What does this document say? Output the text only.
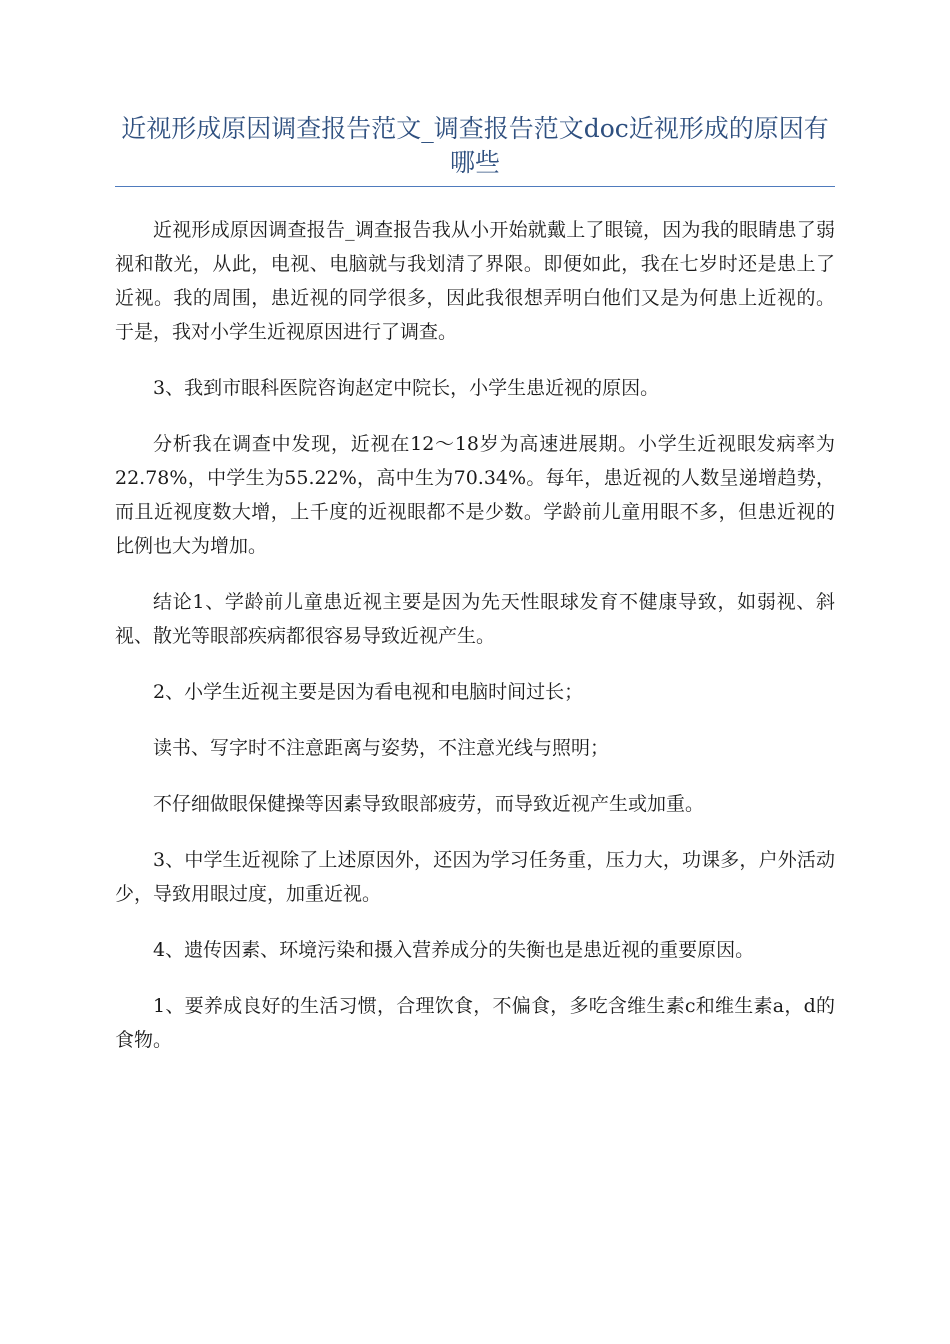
近视形成原因调查报告范文_调查报告范文doc近视形成的原因有哪些

近视形成原因调查报告_调查报告我从小开始就戴上了眼镜，因为我的眼睛患了弱视和散光，从此，电视、电脑就与我划清了界限。即便如此，我在七岁时还是患上了近视。我的周围，患近视的同学很多，因此我很想弄明白他们又是为何患上近视的。于是，我对小学生近视原因进行了调查。

3、我到市眼科医院咨询赵定中院长，小学生患近视的原因。

分析我在调查中发现，近视在12～18岁为高速进展期。小学生近视眼发病率为22.78%，中学生为55.22%，高中生为70.34%。每年，患近视的人数呈递增趋势，而且近视度数大增，上千度的近视眼都不是少数。学龄前儿童用眼不多，但患近视的比例也大为增加。

结论1、学龄前儿童患近视主要是因为先天性眼球发育不健康导致，如弱视、斜视、散光等眼部疾病都很容易导致近视产生。

2、小学生近视主要是因为看电视和电脑时间过长；

读书、写字时不注意距离与姿势，不注意光线与照明；

不仔细做眼保健操等因素导致眼部疲劳，而导致近视产生或加重。

3、中学生近视除了上述原因外，还因为学习任务重，压力大，功课多，户外活动少，导致用眼过度，加重近视。

4、遗传因素、环境污染和摄入营养成分的失衡也是患近视的重要原因。

1、要养成良好的生活习惯，合理饮食，不偏食，多吃含维生素c和维生素a，d的食物。
